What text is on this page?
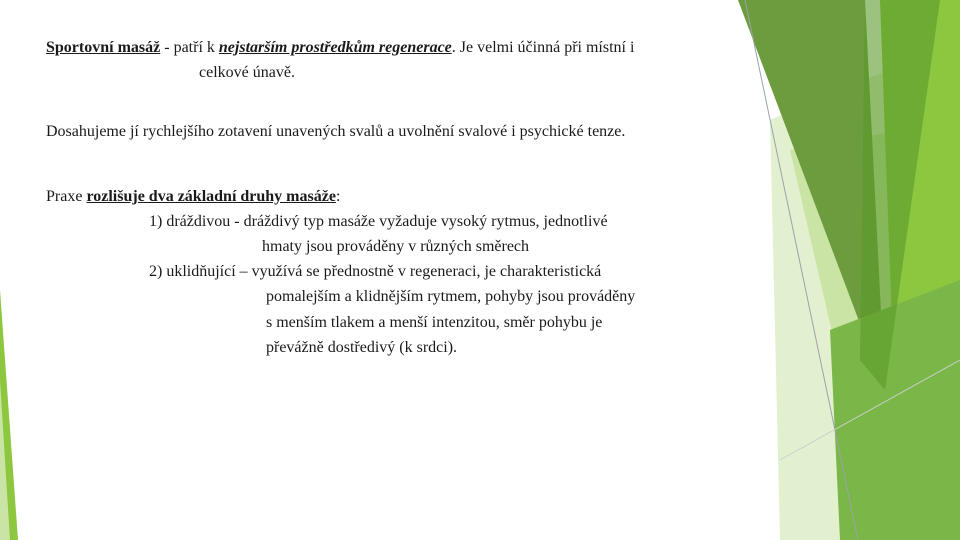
Sportovní masáž - patří k nejstarším prostředkům regenerace. Je velmi účinná při místní i
celkové únavě.
Dosahujeme jí rychlejšího zotavení unavených svalů a uvolnění svalové i psychické tenze.
Praxe rozlišuje dva základní druhy masáže:
1) dráždivou - dráždivý typ masáže vyžaduje vysoký rytmus, jednotlivé
hmaty jsou prováděny v různých směrech
2) uklidňující – využívá se přednostně v regeneraci, je charakteristická
pomalejším a klidnějším rytmem, pohyby jsou prováděny
s menším tlakem a menší intenzitou, směr pohybu je
převážně dostředivý (k srdci).
